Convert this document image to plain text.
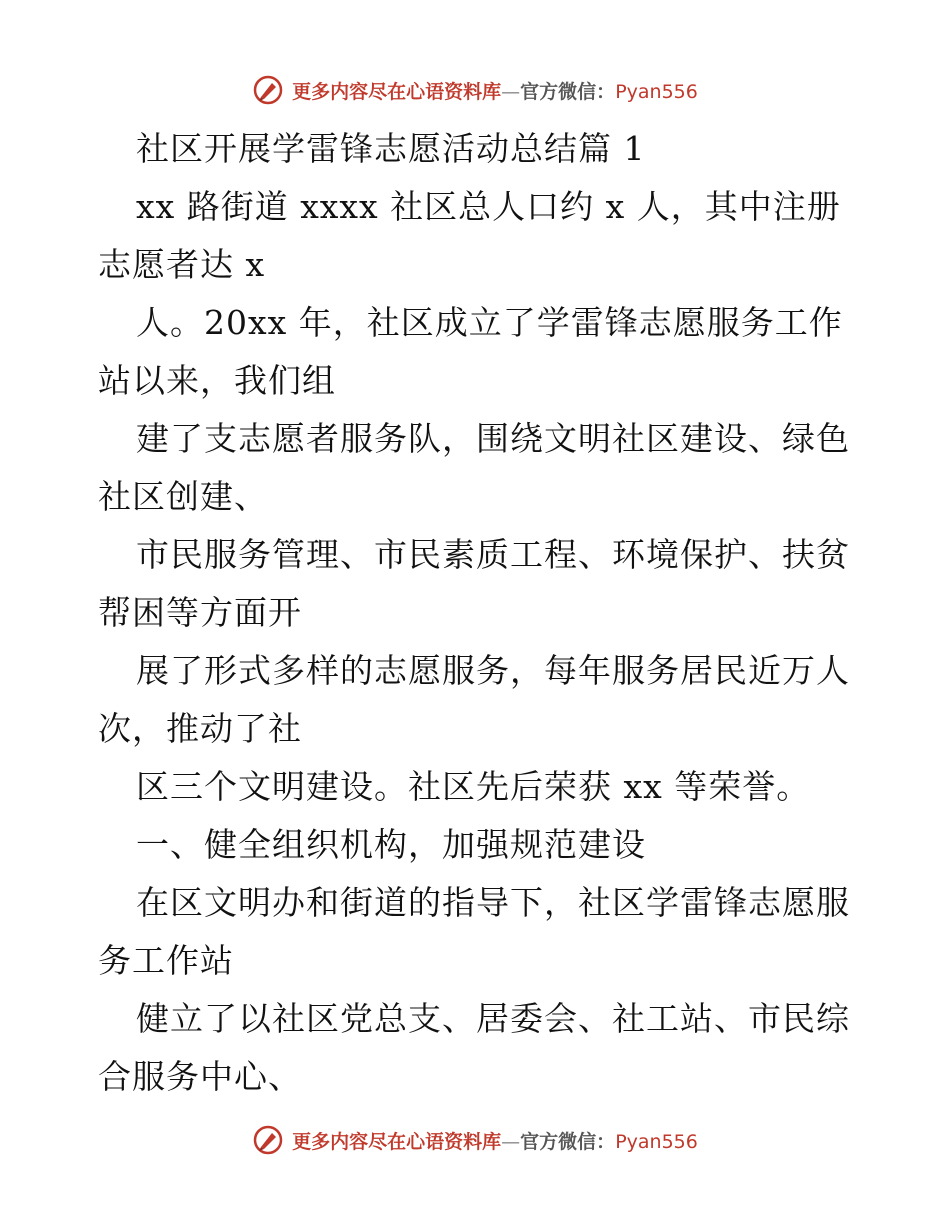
更多内容尽在心语资料库—官方微信：Pyan556
社区开展学雷锋志愿活动总结篇 1
xx 路街道 xxxx 社区总人口约 x 人，其中注册
志愿者达 x
人。20xx 年，社区成立了学雷锋志愿服务工作
站以来，我们组
建了支志愿者服务队，围绕文明社区建设、绿色
社区创建、
市民服务管理、市民素质工程、环境保护、扶贫
帮困等方面开
展了形式多样的志愿服务，每年服务居民近万人
次，推动了社
区三个文明建设。社区先后荣获 xx 等荣誉。
一、健全组织机构，加强规范建设
在区文明办和街道的指导下，社区学雷锋志愿服
务工作站
健立了以社区党总支、居委会、社工站、市民综
合服务中心、
更多内容尽在心语资料库—官方微信：Pyan556
